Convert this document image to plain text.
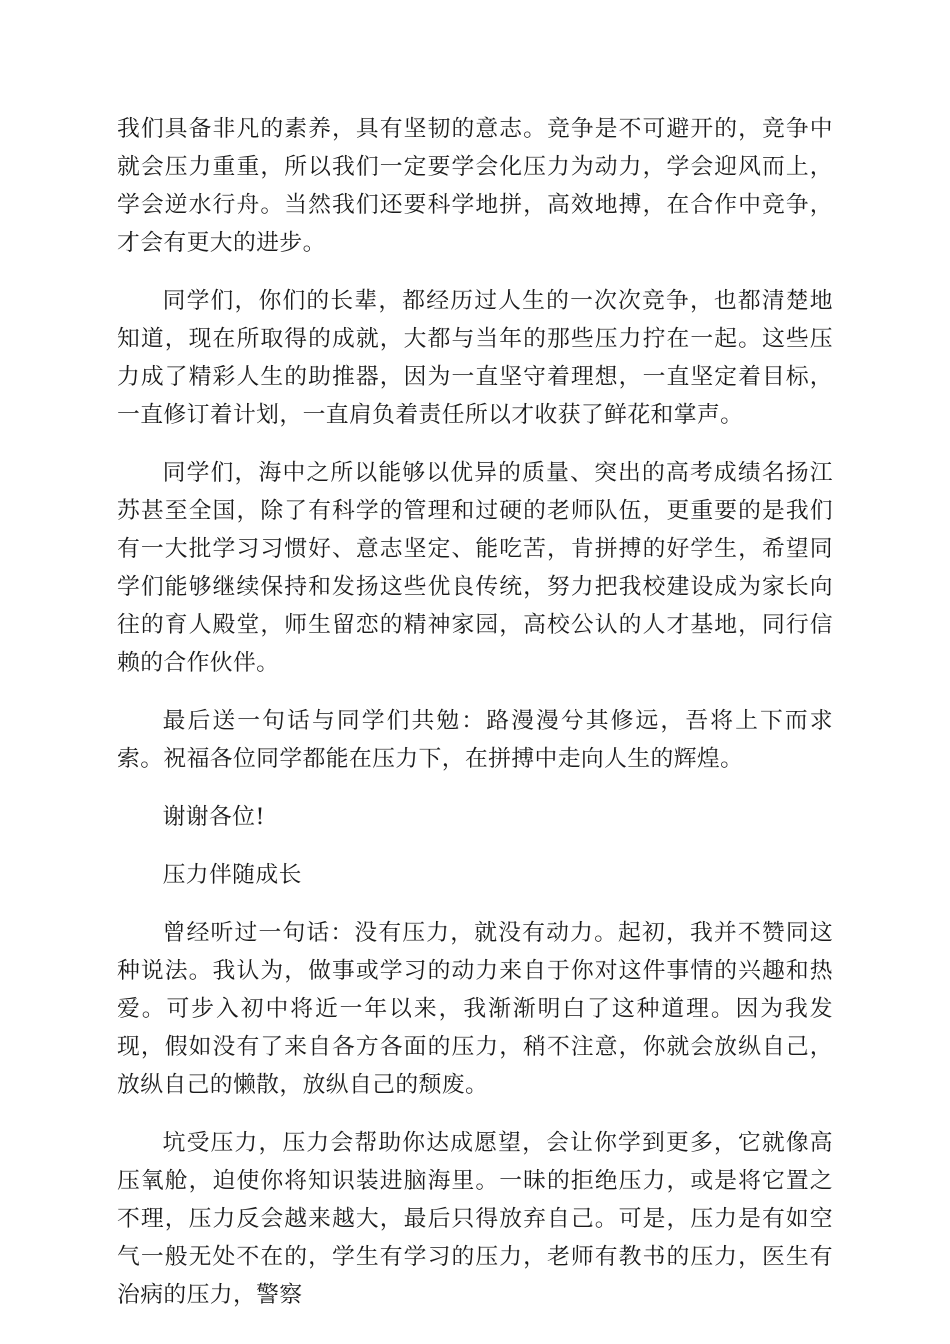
我们具备非凡的素养，具有坚韧的意志。竞争是不可避开的，竞争中就会压力重重，所以我们一定要学会化压力为动力，学会迎风而上，学会逆水行舟。当然我们还要科学地拼，高效地搏，在合作中竞争，才会有更大的进步。

同学们，你们的长辈，都经历过人生的一次次竞争，也都清楚地知道，现在所取得的成就，大都与当年的那些压力拧在一起。这些压力成了精彩人生的助推器，因为一直坚守着理想，一直坚定着目标，一直修订着计划，一直肩负着责任所以才收获了鲜花和掌声。

同学们，海中之所以能够以优异的质量、突出的高考成绩名扬江苏甚至全国，除了有科学的管理和过硬的老师队伍，更重要的是我们有一大批学习习惯好、意志坚定、能吃苦，肯拼搏的好学生，希望同学们能够继续保持和发扬这些优良传统，努力把我校建设成为家长向往的育人殿堂，师生留恋的精神家园，高校公认的人才基地，同行信赖的合作伙伴。

最后送一句话与同学们共勉：路漫漫兮其修远，吾将上下而求索。祝福各位同学都能在压力下，在拼搏中走向人生的辉煌。

谢谢各位!

压力伴随成长

曾经听过一句话：没有压力，就没有动力。起初，我并不赞同这种说法。我认为，做事或学习的动力来自于你对这件事情的兴趣和热爱。可步入初中将近一年以来，我渐渐明白了这种道理。因为我发现，假如没有了来自各方各面的压力，稍不注意，你就会放纵自己，放纵自己的懒散，放纵自己的颓废。

坑受压力，压力会帮助你达成愿望，会让你学到更多，它就像高压氧舱，迫使你将知识装进脑海里。一昧的拒绝压力，或是将它置之不理，压力反会越来越大，最后只得放弃自己。可是，压力是有如空气一般无处不在的，学生有学习的压力，老师有教书的压力，医生有治病的压力，警察
